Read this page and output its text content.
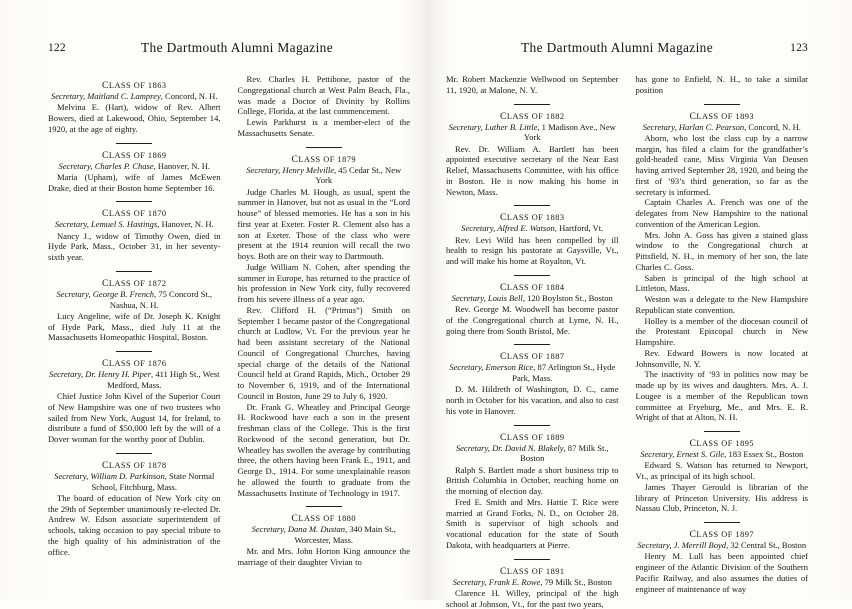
122	The Dartmouth Alumni Magazine
CLASS OF 1863
Secretary, Maitland C. Lamprey, Concord, N. H.

Melvina E. (Hart), widow of Rev. Albert Bowers, died at Lakewood, Ohio, September 14, 1920, at the age of eighty.

CLASS OF 1869
Secretary, Charles P. Chase, Hanover, N. H.

Maria (Upham), wife of James McEwen Drake, died at their Boston home September 16.

CLASS OF 1870
Secretary, Lemuel S. Hastings, Hanover, N. H.

Nancy J., widow of Timothy Owen, died in Hyde Park, Mass., October 31, in her seventy-sixth year.

CLASS OF 1872
Secretary, George B. French, 75 Concord St., Nashua, N. H.

Lucy Angeline, wife of Dr. Joseph K. Knight of Hyde Park, Mass., died July 11 at the Massachusetts Homeopathic Hospital, Boston.

CLASS OF 1876
Secretary, Dr. Henry H. Piper, 411 High St., West Medford, Mass.

Chief Justice John Kivel of the Superior Court of New Hampshire was one of two trustees who sailed from New York, August 14, for Ireland, to distribute a fund of $50,000 left by the will of a Dover woman for the worthy poor of Dublin.

CLASS OF 1878
Secretary, William D. Parkinson, State Normal School, Fitchburg, Mass.

The board of education of New York city on the 29th of September unanimously re-elected Dr. Andrew W. Edson associate superintendent of schools, taking occasion to pay special tribute to the high quality of his administration of the office.

Rev. Charles H. Pettibone, pastor of the Congregational church at West Palm Beach, Fla., was made a Doctor of Divinity by Rollins College, Florida, at the last commencement.

Lewis Parkhurst is a member-elect of the Massachusetts Senate.

CLASS OF 1879
Secretary, Henry Melville, 45 Cedar St., New York

Judge Charles M. Hough, as usual, spent the summer in Hanover, but not as usual in the “Lord house” of blessed memories. He has a son in his first year at Exeter. Foster R. Clement also has a son at Exeter. Those of the class who were present at the 1914 reunion will recall the two boys. Both are on their way to Dartmouth.

Judge William N. Cohen, after spending the summer in Europe, has returned to the practice of his profession in New York city, fully recovered from his severe illness of a year ago.

Rev. Clifford H. (“Primus”) Smith on September 1 became pastor of the Congregational church at Ludlow, Vt. For the previous year he had been assistant secretary of the National Council of Congregational Churches, having special charge of the details of the National Council held at Grand Rapids, Mich., October 29 to November 6, 1919, and of the International Council in Boston, June 29 to July 6, 1920.

Dr. Frank G. Wheatley and Principal George H. Rockwood have each a son in the present freshman class of the College. This is the first Rockwood of the second generation, but Dr. Wheatley has swollen the average by contributing three, the others having been Frank E., 1911, and George D., 1914. For some unexplainable reason he allowed the fourth to graduate from the Massachusetts Institute of Technology in 1917.

CLASS OF 1880
Secretary, Dana M. Dustan, 340 Main St., Worcester, Mass.

Mr. and Mrs. John Horton King announce the marriage of their daughter Vivian to

The Dartmouth Alumni Magazine	123

Mr. Robert Mackenzie Wellwood on September 11, 1920, at Malone, N. Y.

CLASS OF 1882
Secretary, Luther B. Little, 1 Madison Ave., New York

Rev. Dr. William A. Bartlett has been appointed executive secretary of the Near East Relief, Massachusetts Committee, with his office in Boston. He is now making his home in Newton, Mass.

CLASS OF 1883
Secretary, Alfred E. Watson, Hartford, Vt.

Rev. Levi Wild has been compelled by ill health to resign his pastorate at Gaysville, Vt., and will make his home at Royalton, Vt.

CLASS OF 1884
Secretary, Louis Bell, 120 Boylston St., Boston

Rev. George M. Woodwell has become pastor of the Congregational church at Lyme, N. H., going there from South Bristol, Me.

CLASS OF 1887
Secretary, Emerson Rice, 87 Arlington St., Hyde Park, Mass.

D. M. Hildreth of Washington, D. C., came north in October for his vacation, and also to cast his vote in Hanover.

CLASS OF 1889
Secretary, Dr. David N. Blakely, 87 Milk St., Boston

Ralph S. Bartlett made a short business trip to British Columbia in October, reaching home on the morning of election day.

Fred E. Smith and Mrs. Hattie T. Rice were married at Grand Forks, N. D., on October 28. Smith is supervisor of high schools and vocational education for the state of South Dakota, with headquarters at Pierre.

CLASS OF 1891
Secretary, Frank E. Rowe, 79 Milk St., Boston

Clarence H. Willey, principal of the high school at Johnson, Vt., for the past two years,

has gone to Enfield, N. H., to take a similar position

CLASS OF 1893
Secretary, Harlan C. Pearson, Concord, N. H.

Aborn, who lost the class cup by a narrow margin, has filed a claim for the grandfather’s gold-headed cane, Miss Virginia Van Deusen having arrived September 28, 1920, and being the first of ’93’s third generation, so far as the secretary is informed.

Captain Charles A. French was one of the delegates from New Hampshire to the national convention of the American Legion.

Mrs. John A. Goss has given a stained glass window to the Congregational church at Pittsfield, N. H., in memory of her son, the late Charles C. Goss.

Saben is principal of the high school at Littleton, Mass.

Weston was a delegate to the New Hampshire Republican state convention.

Holley is a member of the diocesan council of the Protestant Episcopal church in New Hampshire.

Rev. Edward Bowers is now located at Johnsonville, N. Y.

The inactivity of ’93 in politics now may be made up by its wives and daughters. Mrs. A. J. Lougee is a member of the Republican town committee at Fryeburg, Me., and Mrs. E. R. Wright of that at Alton, N. H.

CLASS OF 1895
Secretary, Ernest S. Gile, 183 Essex St., Boston

Edward S. Watson has returned to Newport, Vt., as principal of its high school.

James Thayer Gerould is librarian of the library of Princeton University. His address is Nassau Club, Princeton, N. J.

CLASS OF 1897
Secretary, J. Merrill Boyd, 32 Central St., Boston

Henry M. Lull has been appointed chief engineer of the Atlantic Division of the Southern Pacific Railway, and also assumes the duties of engineer of maintenance of way
